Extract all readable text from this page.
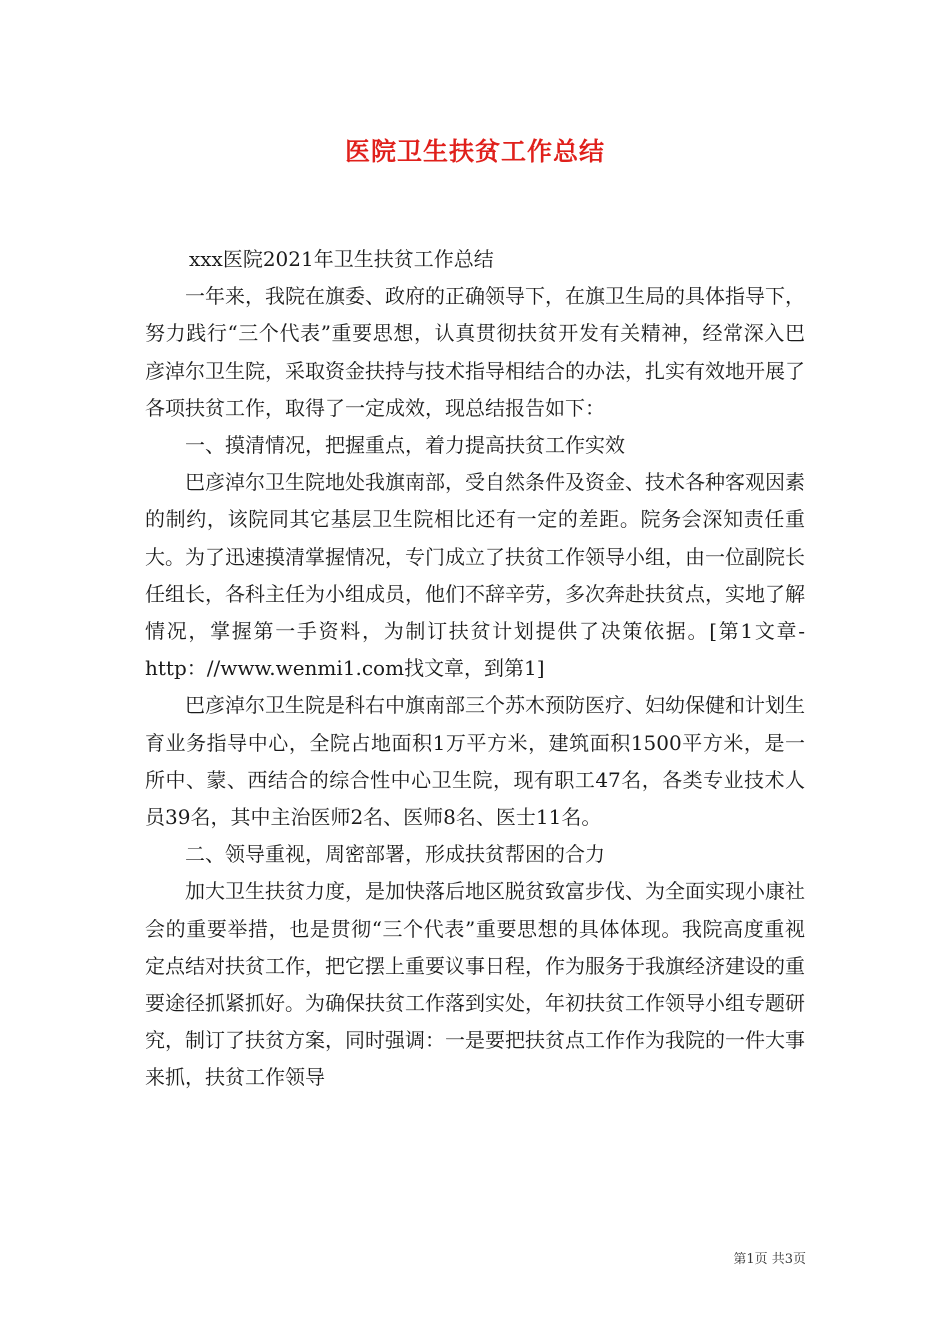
医院卫生扶贫工作总结

xxx医院2021年卫生扶贫工作总结

一年来，我院在旗委、政府的正确领导下，在旗卫生局的具体指导下，努力践行“三个代表”重要思想，认真贯彻扶贫开发有关精神，经常深入巴彦淖尔卫生院，采取资金扶持与技术指导相结合的办法，扎实有效地开展了各项扶贫工作，取得了一定成效，现总结报告如下：

一、摸清情况，把握重点，着力提高扶贫工作实效

巴彦淖尔卫生院地处我旗南部，受自然条件及资金、技术各种客观因素的制约，该院同其它基层卫生院相比还有一定的差距。院务会深知责任重大。为了迅速摸清掌握情况，专门成立了扶贫工作领导小组，由一位副院长任组长，各科主任为小组成员，他们不辞辛劳，多次奔赴扶贫点，实地了解情况，掌握第一手资料，为制订扶贫计划提供了决策依据。[第1文章-http：//www.wenmi1.com找文章，到第1]

巴彦淖尔卫生院是科右中旗南部三个苏木预防医疗、妇幼保健和计划生育业务指导中心，全院占地面积1万平方米，建筑面积1500平方米，是一所中、蒙、西结合的综合性中心卫生院，现有职工47名，各类专业技术人员39名，其中主治医师2名、医师8名、医士11名。

二、领导重视，周密部署，形成扶贫帮困的合力

加大卫生扶贫力度，是加快落后地区脱贫致富步伐、为全面实现小康社会的重要举措，也是贯彻“三个代表”重要思想的具体体现。我院高度重视定点结对扶贫工作，把它摆上重要议事日程，作为服务于我旗经济建设的重要途径抓紧抓好。为确保扶贫工作落到实处，年初扶贫工作领导小组专题研究，制订了扶贫方案，同时强调：一是要把扶贫点工作作为我院的一件大事来抓，扶贫工作领导

第1页 共3页
